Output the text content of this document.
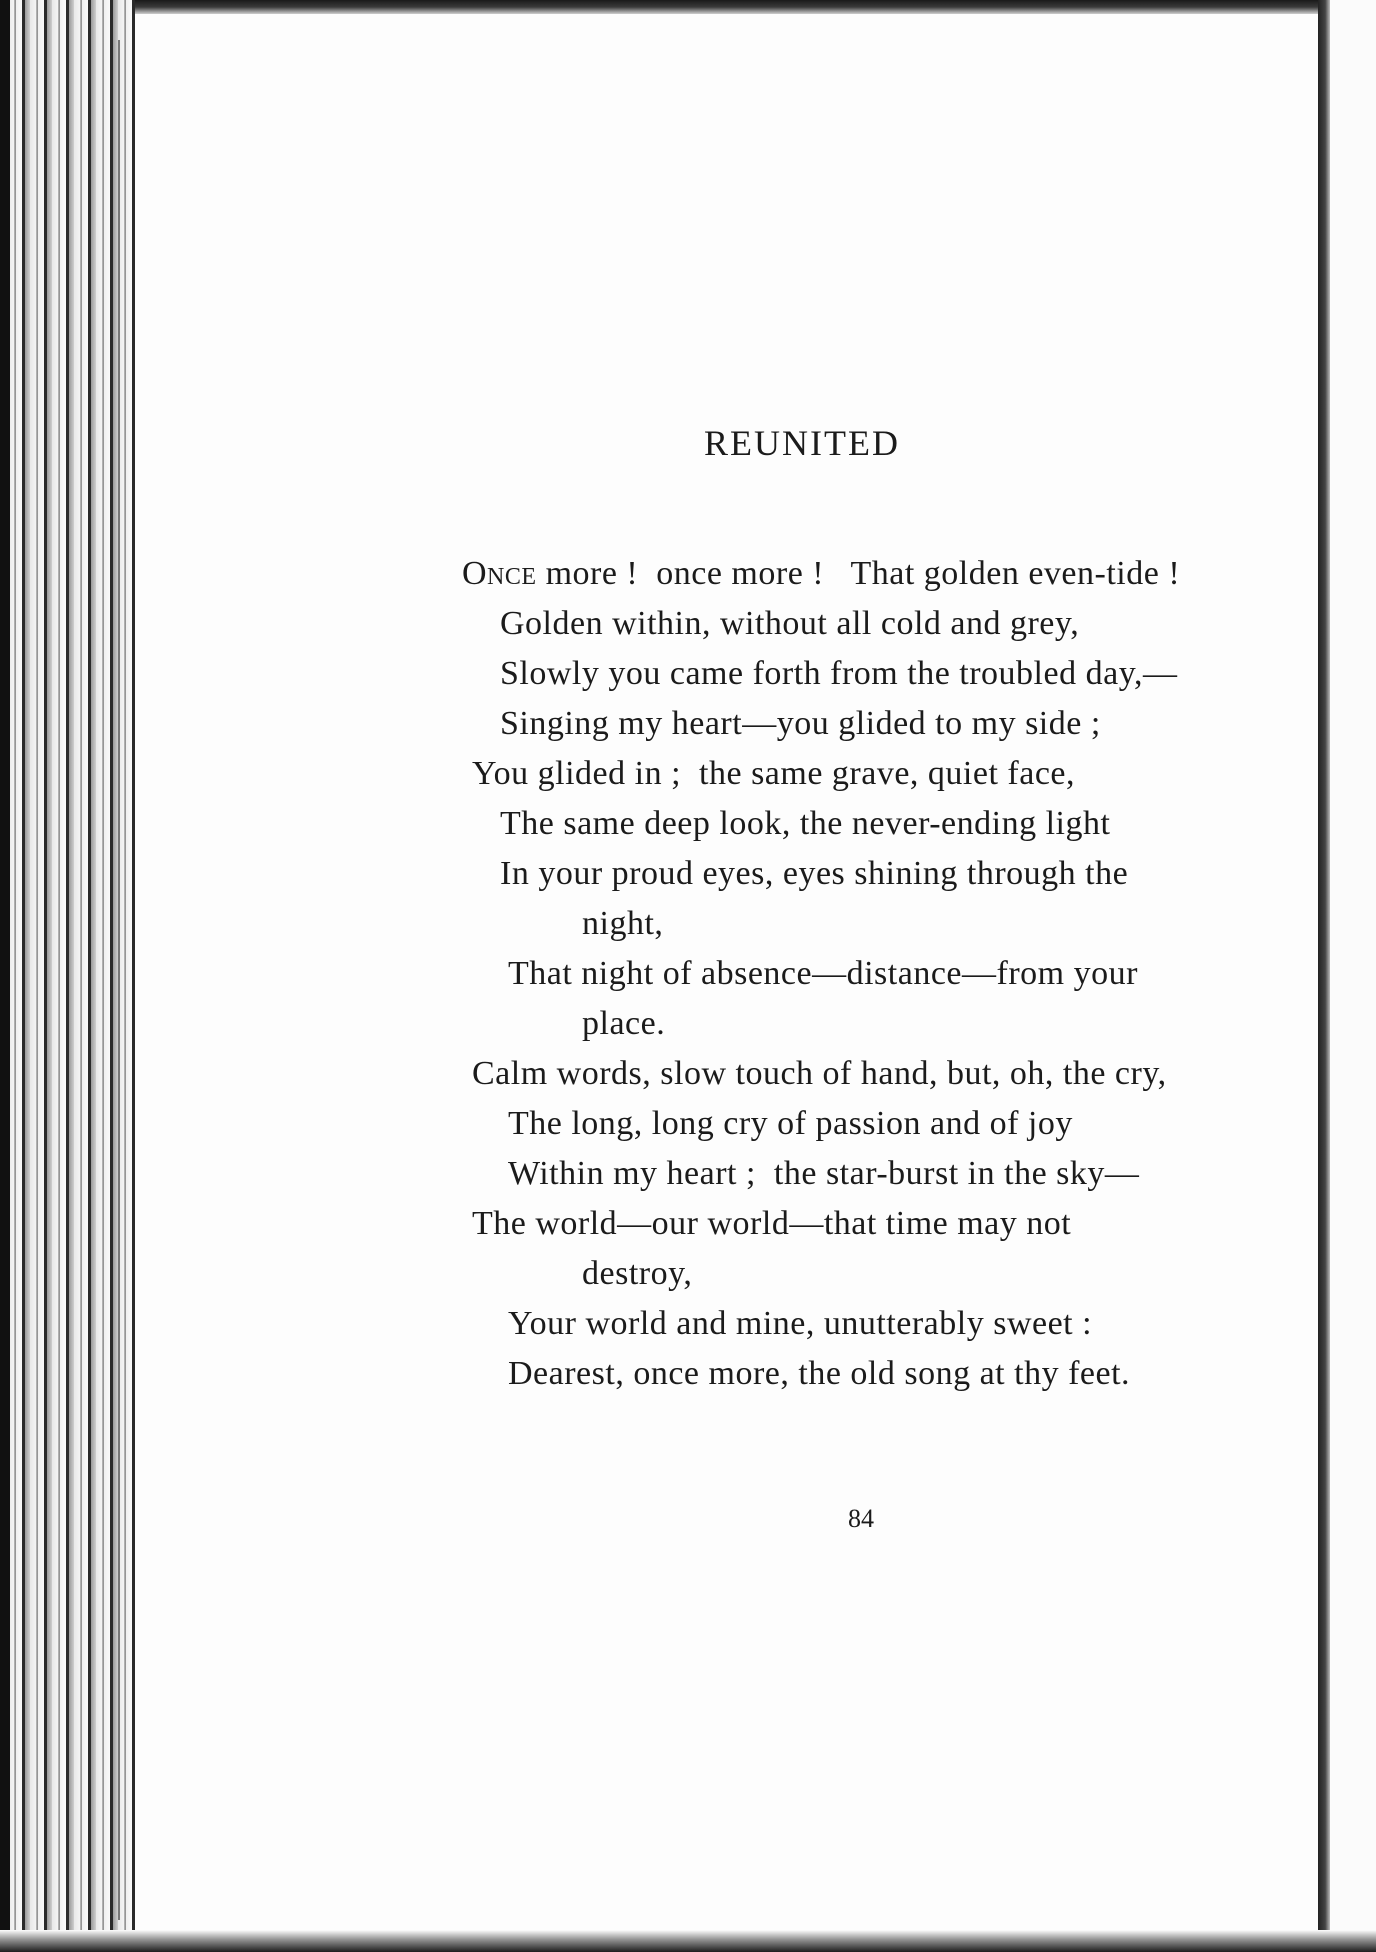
REUNITED
Once more !  once more !   That golden even-tide !
Golden within, without all cold and grey,
Slowly you came forth from the troubled day,—
Singing my heart—you glided to my side ;
You glided in ;  the same grave, quiet face,
The same deep look, the never-ending light
In your proud eyes, eyes shining through the
night,
That night of absence—distance—from your
place.
Calm words, slow touch of hand, but, oh, the cry,
The long, long cry of passion and of joy
Within my heart ;  the star-burst in the sky—
The world—our world—that time may not
destroy,
Your world and mine, unutterably sweet :
Dearest, once more, the old song at thy feet.

84
